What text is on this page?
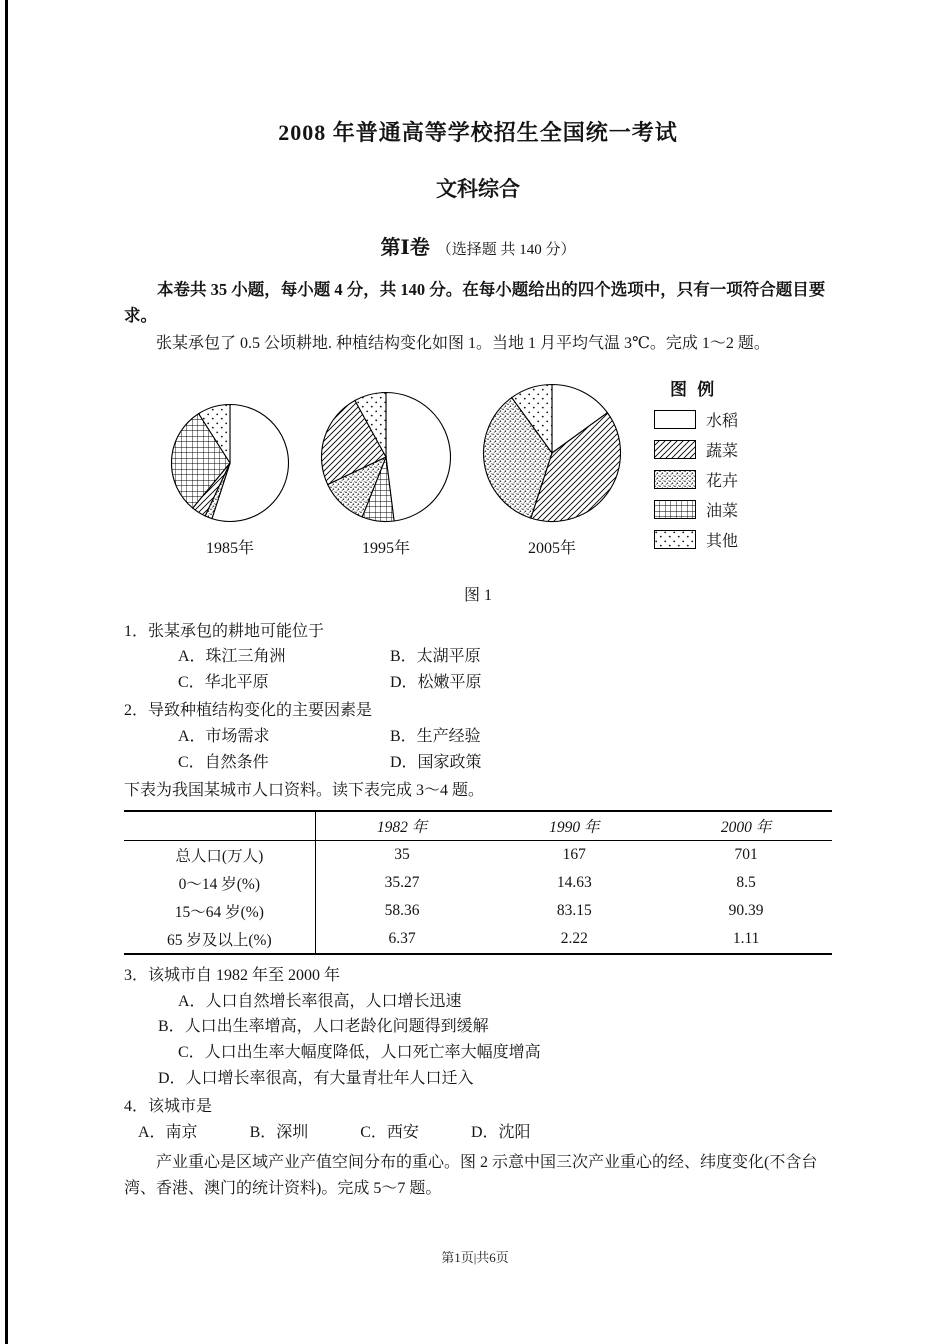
2008 年普通高等学校招生全国统一考试
文科综合
第Ⅰ卷 （选择题 共 140 分）

本卷共 35 小题，每小题 4 分，共 140 分。在每小题给出的四个选项中，只有一项符合题目要求。

张某承包了 0.5 公顷耕地. 种植结构变化如图 1。当地 1 月平均气温 3℃。完成 1～2 题。

1985年	1995年	2005年
图 例
水稻
蔬菜
花卉
油菜
其他
图 1
1．张某承包的耕地可能位于
A．珠江三角洲	B．太湖平原
C．华北平原	D．松嫩平原
2．导致种植结构变化的主要因素是
A．市场需求	B．生产经验
C．自然条件	D．国家政策
下表为我国某城市人口资料。读下表完成 3～4 题。
	1982 年	1990 年	2000 年
总人口(万人)	35	167	701
0～14 岁(%)	35.27	14.63	8.5
15～64 岁(%)	58.36	83.15	90.39
65 岁及以上(%)	6.37	2.22	1.11
3．该城市自 1982 年至 2000 年
A．人口自然增长率很高，人口增长迅速
B．人口出生率增高，人口老龄化问题得到缓解
C．人口出生率大幅度降低，人口死亡率大幅度增高
D．人口增长率很高，有大量青壮年人口迁入
4．该城市是
A．南京	B．深圳	C．西安	D．沈阳

产业重心是区域产业产值空间分布的重心。图 2 示意中国三次产业重心的经、纬度变化(不含台湾、香港、澳门的统计资料)。完成 5～7 题。

第1页|共6页
